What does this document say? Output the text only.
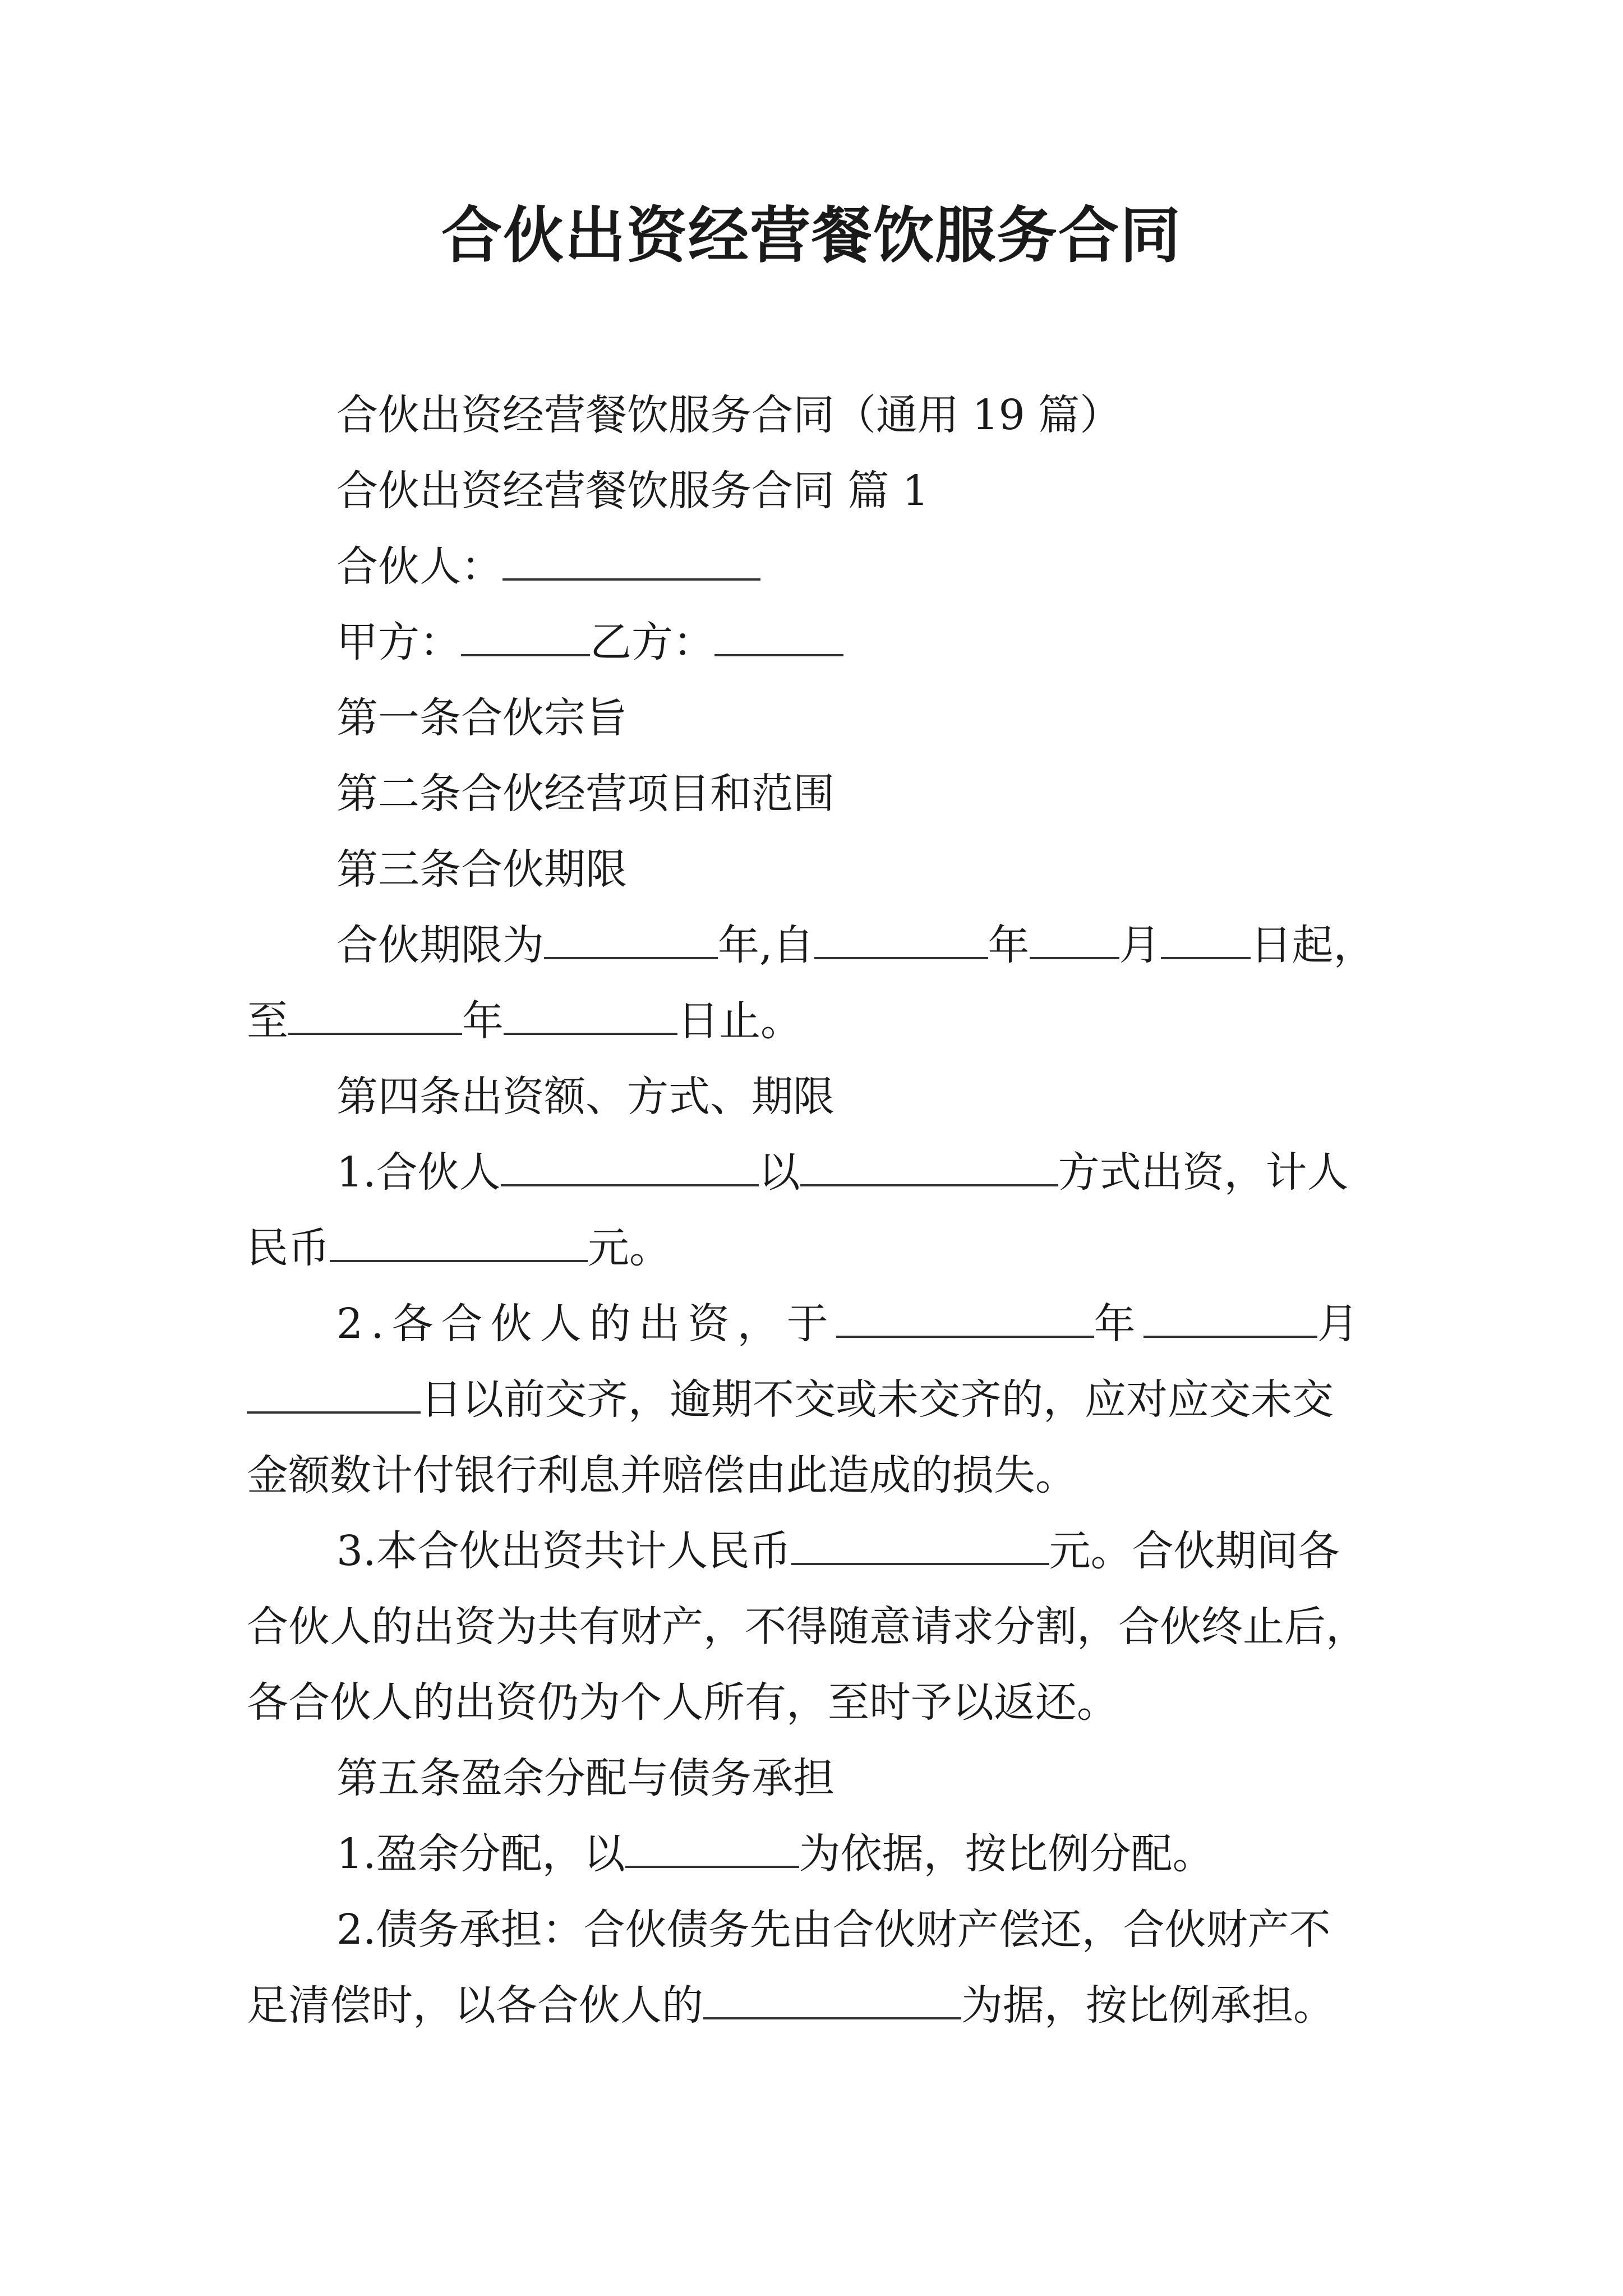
合伙出资经营餐饮服务合同
合伙出资经营餐饮服务合同（通用 19 篇）
合伙出资经营餐饮服务合同 篇 1
合伙人：
甲方：	乙方：
第一条合伙宗旨
第二条合伙经营项目和范围
第三条合伙期限
合伙期限为	年,自	年 月 日起，
至	年	日止。
第四条出资额、方式、期限
1.合伙人	以	方式出资，计人
民币	元。
2.各合伙人的出资，于	年	月
日以前交齐，逾期不交或未交齐的，应对应交未交
金额数计付银行利息并赔偿由此造成的损失。
3.本合伙出资共计人民币	元。合伙期间各
合伙人的出资为共有财产，不得随意请求分割，合伙终止后，
各合伙人的出资仍为个人所有，至时予以返还。
第五条盈余分配与债务承担
1.盈余分配，以	为依据，按比例分配。
2.债务承担：合伙债务先由合伙财产偿还，合伙财产不
足清偿时，以各合伙人的	为据，按比例承担。
